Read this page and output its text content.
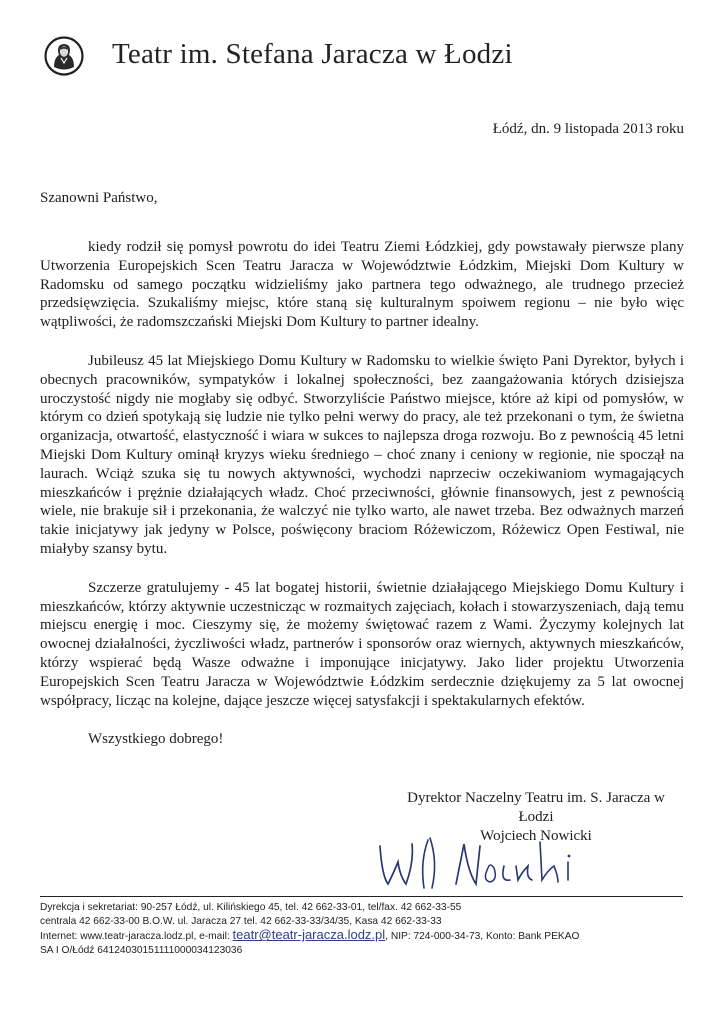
Teatr im. Stefana Jaracza w Łodzi
Łódź, dn. 9 listopada 2013 roku
Szanowni Państwo,

kiedy rodził się pomysł powrotu do idei Teatru Ziemi Łódzkiej, gdy powstawały pierwsze plany Utworzenia Europejskich Scen Teatru Jaracza w Województwie Łódzkim, Miejski Dom Kultury w Radomsku od samego początku widzieliśmy jako partnera tego odważnego, ale trudnego przecież przedsięwzięcia. Szukaliśmy miejsc, które staną się kulturalnym spoiwem regionu – nie było więc wątpliwości, że radomszczański Miejski Dom Kultury to partner idealny.

Jubileusz 45 lat Miejskiego Domu Kultury w Radomsku to wielkie święto Pani Dyrektor, byłych i obecnych pracowników, sympatyków i lokalnej społeczności, bez zaangażowania których dzisiejsza uroczystość nigdy nie mogłaby się odbyć. Stworzyliście Państwo miejsce, które aż kipi od pomysłów, w którym co dzień spotykają się ludzie nie tylko pełni werwy do pracy, ale też przekonani o tym, że świetna organizacja, otwartość, elastyczność i wiara w sukces to najlepsza droga rozwoju. Bo z pewnością 45 letni Miejski Dom Kultury ominął kryzys wieku średniego – choć znany i ceniony w regionie, nie spoczął na laurach. Wciąż szuka się tu nowych aktywności, wychodzi naprzeciw oczekiwaniom wymagających mieszkańców i prężnie działających władz. Choć przeciwności, głównie finansowych, jest z pewnością wiele, nie brakuje sił i przekonania, że walczyć nie tylko warto, ale nawet trzeba. Bez odważnych marzeń takie inicjatywy jak jedyny w Polsce, poświęcony braciom Różewiczom, Różewicz Open Festiwal, nie miałyby szansy bytu.

Szczerze gratulujemy - 45 lat bogatej historii, świetnie działającego Miejskiego Domu Kultury i mieszkańców, którzy aktywnie uczestnicząc w rozmaitych zajęciach, kołach i stowarzyszeniach, dają temu miejscu energię i moc. Cieszymy się, że możemy świętować razem z Wami. Życzymy kolejnych lat owocnej działalności, życzliwości władz, partnerów i sponsorów oraz wiernych, aktywnych mieszkańców, którzy wspierać będą Wasze odważne i imponujące inicjatywy. Jako lider projektu Utworzenia Europejskich Scen Teatru Jaracza w Województwie Łódzkim serdecznie dziękujemy za 5 lat owocnej współpracy, licząc na kolejne, dające jeszcze więcej satysfakcji i spektakularnych efektów.

Wszystkiego dobrego!

Dyrektor Naczelny Teatru im. S. Jaracza w Łodzi
Wojciech Nowicki
Dyrekcja i sekretariat: 90-257 Łódź, ul. Kilińskiego 45, tel. 42 662-33-01, tel/fax. 42 662-33-55
centrala 42 662-33-00 B.O.W. ul. Jaracza 27 tel. 42 662-33-33/34/35, Kasa 42 662-33-33
Internet: www.teatr-jaracza.lodz.pl, e-mail: teatr@teatr-jaracza.lodz.pl, NIP: 724-000-34-73, Konto: Bank PEKAO
SA I O/Łódź 64124030151111000034123036
